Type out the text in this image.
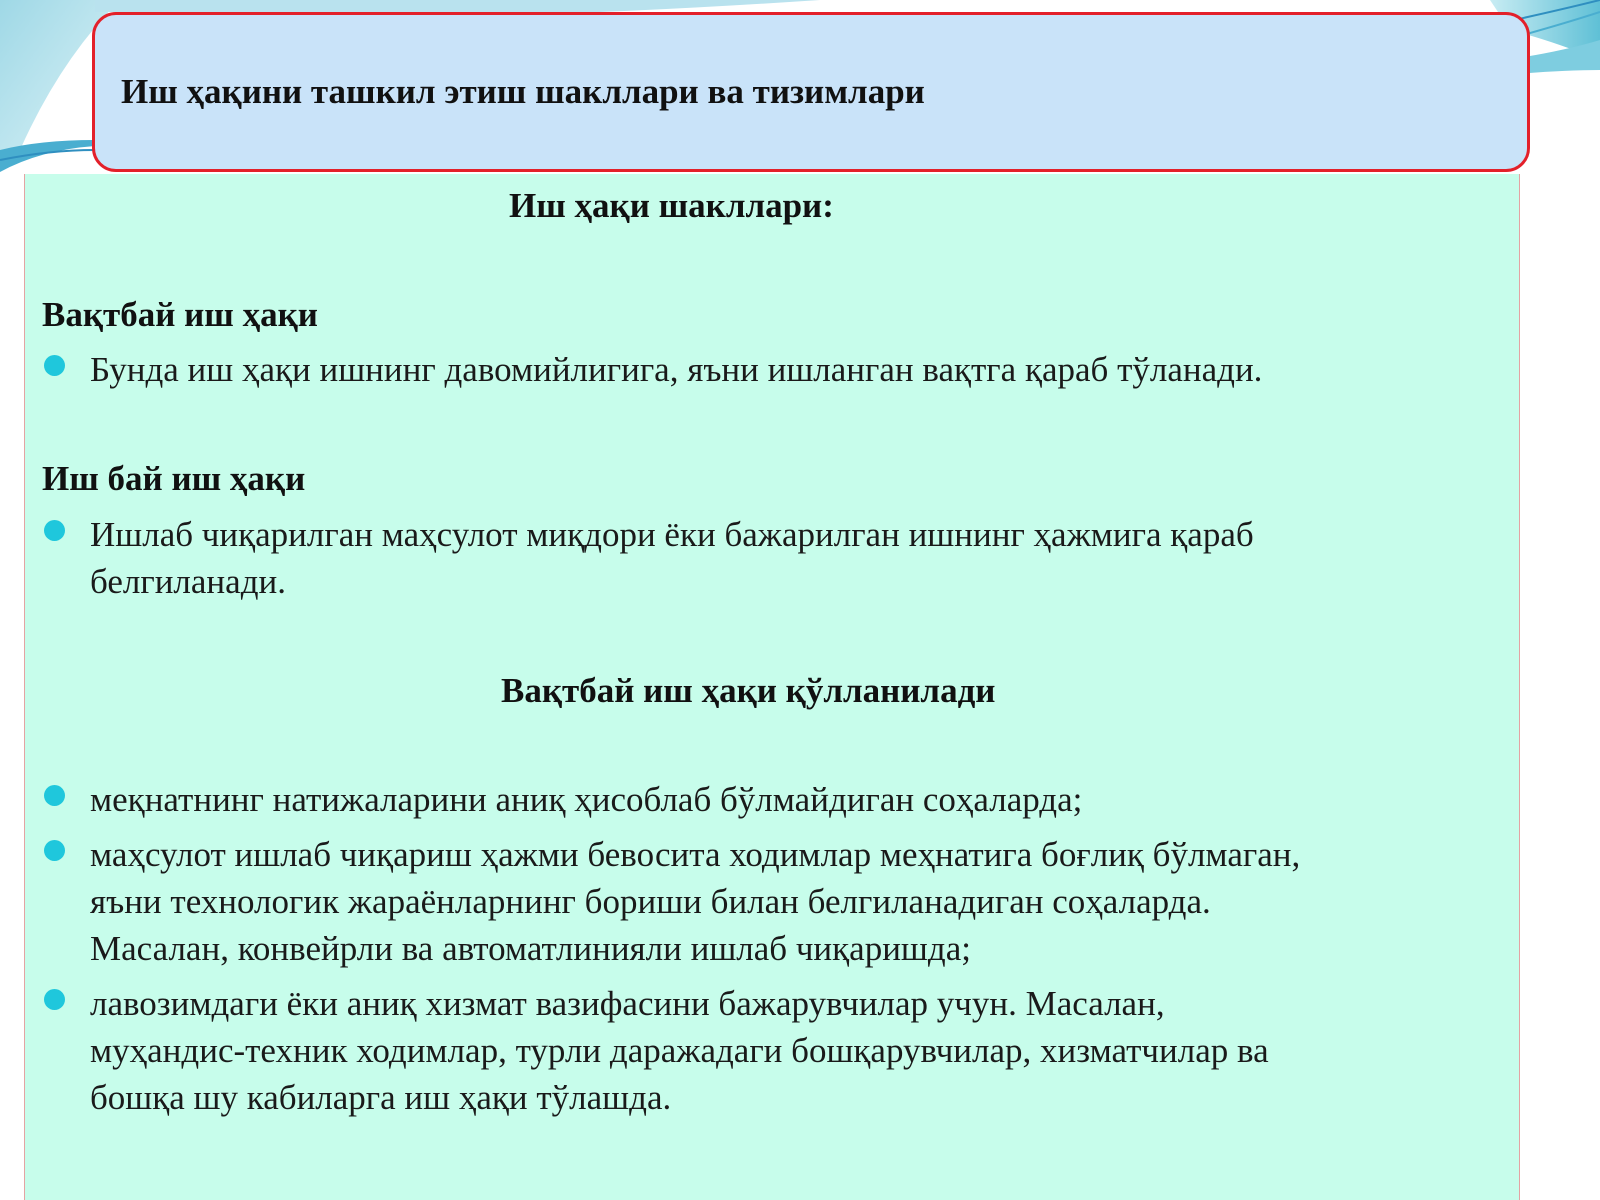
Иш ҳақини ташкил этиш шакллари ва тизимлари
Иш ҳақи шакллари:
Вақтбай иш ҳақи
Бунда иш ҳақи ишнинг давомийлигига, яъни ишланган вақтга қараб тўланади.
Иш бай иш ҳақи
Ишлаб чиқарилган маҳсулот миқдори ёки бажарилган ишнинг ҳажмига қараб
белгиланади.
Вақтбай иш ҳақи қўлланилади
меқнатнинг натижаларини аниқ ҳисоблаб бўлмайдиган соҳаларда;
маҳсулот ишлаб чиқариш ҳажми бевосита ходимлар меҳнатига боғлиқ бўлмаган,
яъни технологик жараёнларнинг бориши билан белгиланадиган соҳаларда.
Масалан, конвейрли ва автоматлинияли ишлаб чиқаришда;
лавозимдаги ёки аниқ хизмат вазифасини бажарувчилар учун. Масалан,
муҳандис-техник ходимлар, турли даражадаги бошқарувчилар, хизматчилар ва
бошқа шу кабиларга иш ҳақи тўлашда.
